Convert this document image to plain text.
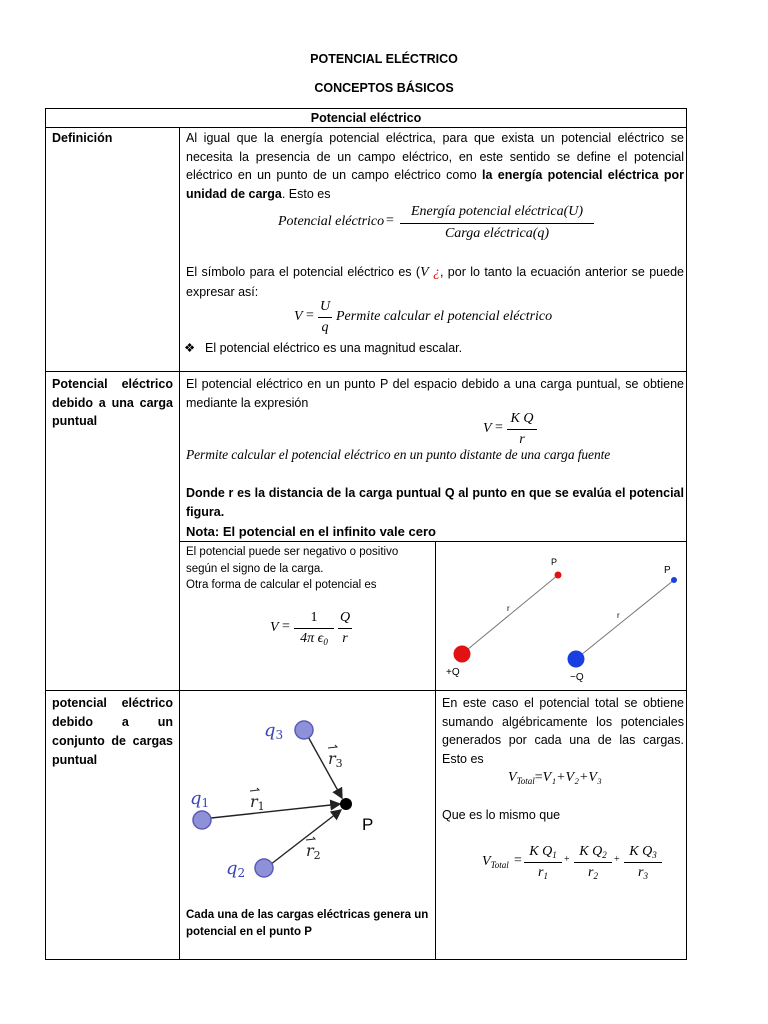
POTENCIAL ELÉCTRICO
CONCEPTOS BÁSICOS
Potencial eléctrico
Definición	Al igual que la energía potencial eléctrica, para que exista un potencial eléctrico se necesita la presencia de un campo eléctrico, en este sentido se define el potencial eléctrico en un punto de un campo eléctrico como la energía potencial eléctrica por unidad de carga. Esto es
Potencial eléctrico =
Energía potencial eléctrica(U)
Carga eléctrica(q)
El símbolo para el potencial eléctrico es (V ¿, por lo tanto la ecuación anterior se puede expresar así:
V =
U
q
Permite calcular el potencial eléctrico
❖ El potencial eléctrico es una magnitud escalar.
Potencial eléctrico debido a una carga puntual
El potencial eléctrico en un punto P del espacio debido a una carga puntual, se obtiene mediante la expresión
V =
K Q
r
Permite calcular el potencial eléctrico en un punto distante de una carga fuente
Donde r es la distancia de la carga puntual Q al punto en que se evalúa el potencial figura.
Nota: El potencial en el infinito vale cero
El potencial puede ser negativo o positivo según el signo de la carga.
Otra forma de calcular el potencial es
V =
1
4π $\epsilon_0$
Q
r
P
P
r
r
+Q	−Q
potencial eléctrico
debido a un
conjunto de cargas
puntual
q1
q3
q2
r1
r3
r2
P
Cada una de las cargas eléctricas genera un potencial en el punto P
En este caso el potencial total se obtiene sumando algébricamente los potenciales generados por cada una de las cargas. Esto es
$V_{Total}=V_1+V_2+V_3$
Que es lo mismo que
$V_{Total}$ =
K $Q_1$
$r_1$
+
K $Q_2$
$r_2$
+
K $Q_3$
$r_3$
